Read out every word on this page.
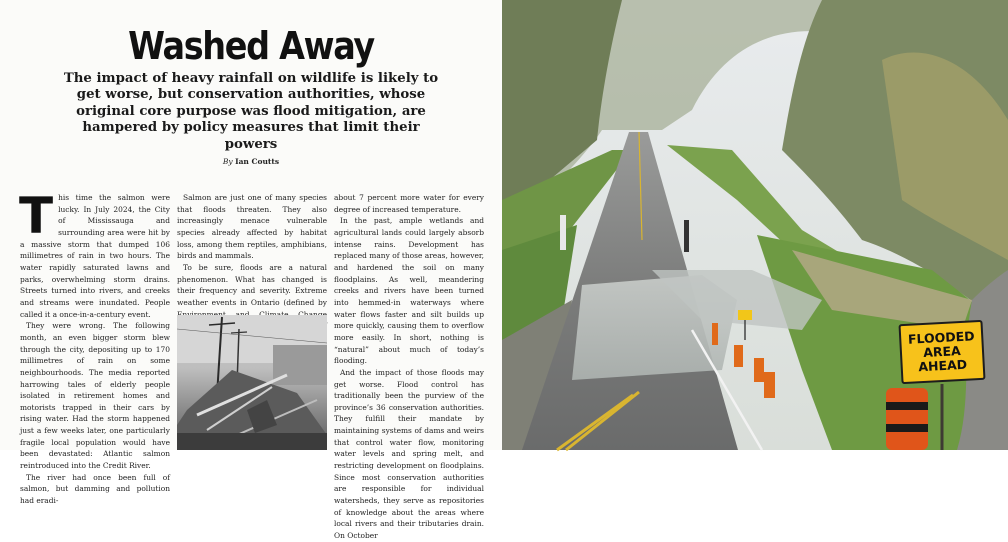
Washed Away
The impact of heavy rainfall on wildlife is likely to get worse, but conservation authorities, whose original core purpose was flood mitigation, are hampered by policy measures that limit their powers
By Ian Coutts

This time the salmon were lucky. In July 2024, the City of Mississauga and surrounding area were hit by a massive storm that dumped 106 millimetres of rain in two hours. The water rapidly saturated lawns and parks, overwhelming storm drains. Streets turned into rivers, and creeks and streams were inundated. People called it a once-in-a-century event.

They were wrong. The following month, an even bigger storm blew through the city, depositing up to 170 millimetres of rain on some neighbourhoods. The media reported harrowing tales of elderly people isolated in retirement homes and motorists trapped in their cars by rising water. Had the storm happened just a few weeks later, one particularly fragile local population would have been devastated: Atlantic salmon reintroduced into the Credit River.

The river had once been full of salmon, but damming and pollution had eradi-

Salmon are just one of many species that floods threaten. They also increasingly menace vulnerable species already affected by habitat loss, among them reptiles, amphibians, birds and mammals.

To be sure, floods are a natural phenomenon. What has changed is their frequency and severity. Extreme weather events in Ontario (defined by

about 7 percent more water for every degree of increased temperature.

In the past, ample wetlands and agricultural lands could largely absorb intense rains. Development has replaced many of those areas, however, and hardened the soil on many floodplains. As well, meandering creeks and rivers have been turned into hemmed-in waterways where water flows faster and silt builds up more quickly, causing them to overflow more easily. In short, nothing is “natural” about much of today’s flooding.

And the impact of those floods may get worse. Flood control has traditionally been the purview of the province’s 36 conservation authorities. They fulfill their mandate by maintaining systems of dams and weirs that control water flow, monitoring water levels and spring melt, and restricting development on floodplains. Since most conservation authorities are responsible for individual watersheds, they serve as repositories of knowledge about the areas where local rivers and their tributaries drain. On October

FLOODED
AREA
AHEAD
